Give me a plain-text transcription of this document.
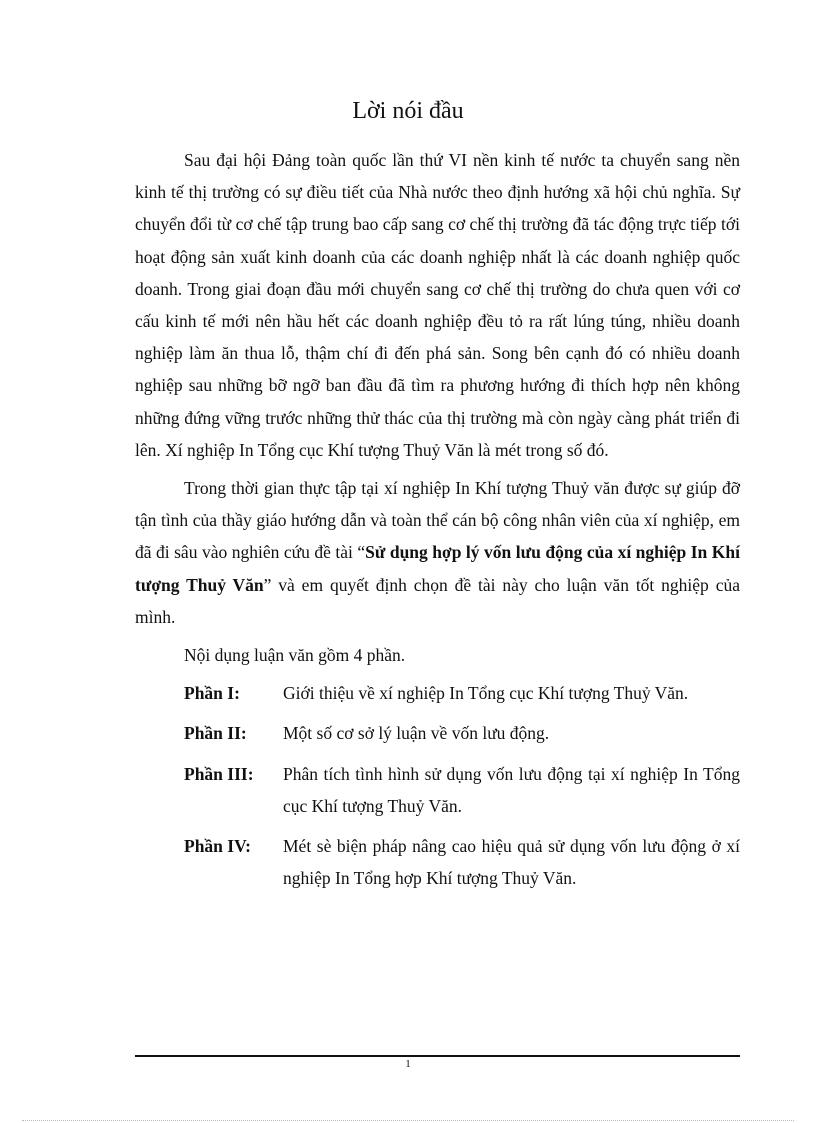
Lời nói đầu

Sau đại hội Đảng toàn quốc lần thứ VI nền kinh tế nước ta chuyển sang nền kinh tế thị trường có sự điều tiết của Nhà nước theo định hướng xã hội chủ nghĩa. Sự chuyển đổi từ cơ chế tập trung bao cấp sang cơ chế thị trường đã tác động trực tiếp tới hoạt động sản xuất kinh doanh của các doanh nghiệp nhất là các doanh nghiệp quốc doanh. Trong giai đoạn đầu mới chuyển sang cơ chế thị trường do chưa quen với cơ cấu kinh tế mới nên hầu hết các doanh nghiệp đều tỏ ra rất lúng túng, nhiều doanh nghiệp làm ăn thua lỗ, thậm chí đi đến phá sản. Song bên cạnh đó có nhiều doanh nghiệp sau những bỡ ngỡ ban đầu đã tìm ra phương hướng đi thích hợp nên không những đứng vững trước những thử thác của thị trường mà còn ngày càng phát triển đi lên. Xí nghiệp In Tổng cục Khí tượng Thuỷ Văn là mét trong số đó.

Trong thời gian thực tập tại xí nghiệp In Khí tượng Thuỷ văn được sự giúp đỡ tận tình của thầy giáo hướng dẫn và toàn thể cán bộ công nhân viên của xí nghiệp, em đã đi sâu vào nghiên cứu đề tài “Sử dụng hợp lý vốn lưu động của xí nghiệp In Khí tượng Thuỷ Văn” và em quyết định chọn đề tài này cho luận văn tốt nghiệp của mình.

Nội dụng luận văn gồm 4 phần.

Phần I: Giới thiệu về xí nghiệp In Tổng cục Khí tượng Thuỷ Văn.
Phần II: Một số cơ sở lý luận về vốn lưu động.
Phần III: Phân tích tình hình sử dụng vốn lưu động tại xí nghiệp In Tổng cục Khí tượng Thuỷ Văn.
Phần IV: Mét sè biện pháp nâng cao hiệu quả sử dụng vốn lưu động ở xí nghiệp In Tổng hợp Khí tượng Thuỷ Văn.
1
